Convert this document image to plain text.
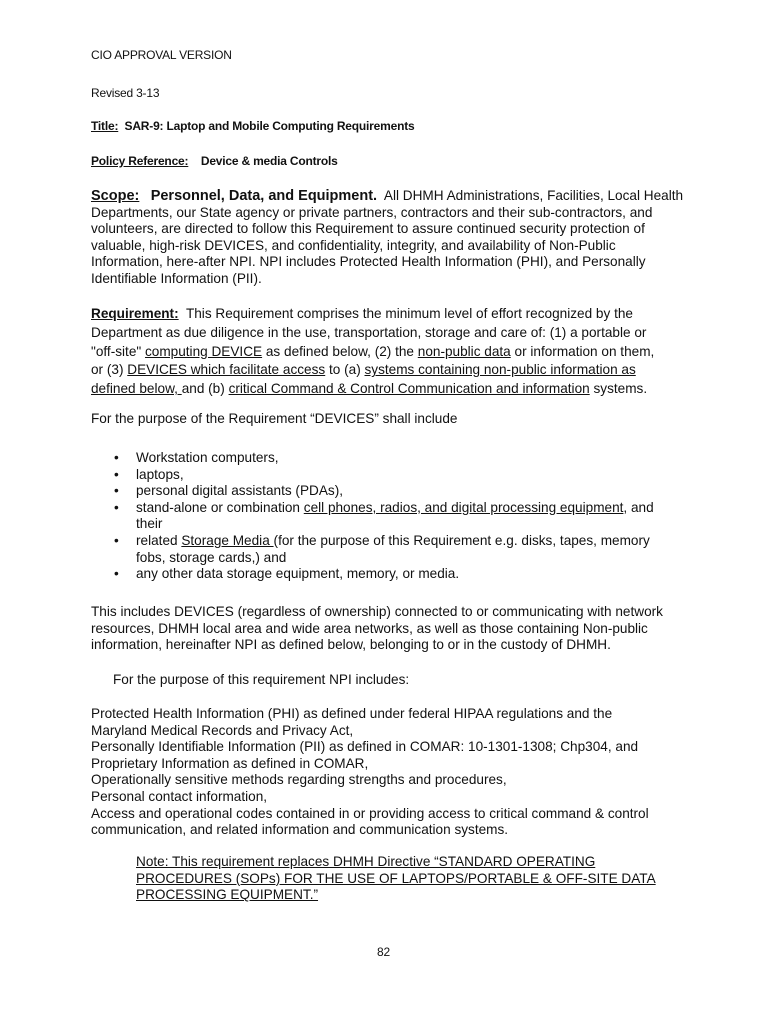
CIO APPROVAL VERSION
Revised 3-13
Title: SAR-9: Laptop and Mobile Computing Requirements
Policy Reference: Device & media Controls

Scope: Personnel, Data, and Equipment. All DHMH Administrations, Facilities, Local Health

Departments, our State agency or private partners, contractors and their sub-contractors, and

volunteers, are directed to follow this Requirement to assure continued security protection of

valuable, high-risk DEVICES, and confidentiality, integrity, and availability of Non-Public

Information, here-after NPI. NPI includes Protected Health Information (PHI), and Personally

Identifiable Information (PII).

Requirement: This Requirement comprises the minimum level of effort recognized by the

Department as due diligence in the use, transportation, storage and care of: (1) a portable or

"off-site" computing DEVICE as defined below, (2) the non-public data or information on them,

or (3) DEVICES which facilitate access to (a) systems containing non-public information as

defined below, and (b) critical Command & Control Communication and information systems.

For the purpose of the Requirement “DEVICES” shall include
• Workstation computers,
• laptops,
• personal digital assistants (PDAs),
• stand-alone or combination cell phones, radios, and digital processing equipment, and
their
• related Storage Media (for the purpose of this Requirement e.g. disks, tapes, memory
fobs, storage cards,) and
• any other data storage equipment, memory, or media.

This includes DEVICES (regardless of ownership) connected to or communicating with network

resources, DHMH local area and wide area networks, as well as those containing Non-public

information, hereinafter NPI as defined below, belonging to or in the custody of DHMH.

For the purpose of this requirement NPI includes:

Protected Health Information (PHI) as defined under federal HIPAA regulations and the

Maryland Medical Records and Privacy Act,

Personally Identifiable Information (PII) as defined in COMAR: 10-1301-1308; Chp304, and

Proprietary Information as defined in COMAR,

Operationally sensitive methods regarding strengths and procedures,

Personal contact information,

Access and operational codes contained in or providing access to critical command & control

communication, and related information and communication systems.

Note: This requirement replaces DHMH Directive “STANDARD OPERATING

PROCEDURES (SOPs) FOR THE USE OF LAPTOPS/PORTABLE & OFF-SITE DATA

PROCESSING EQUIPMENT.”

82
